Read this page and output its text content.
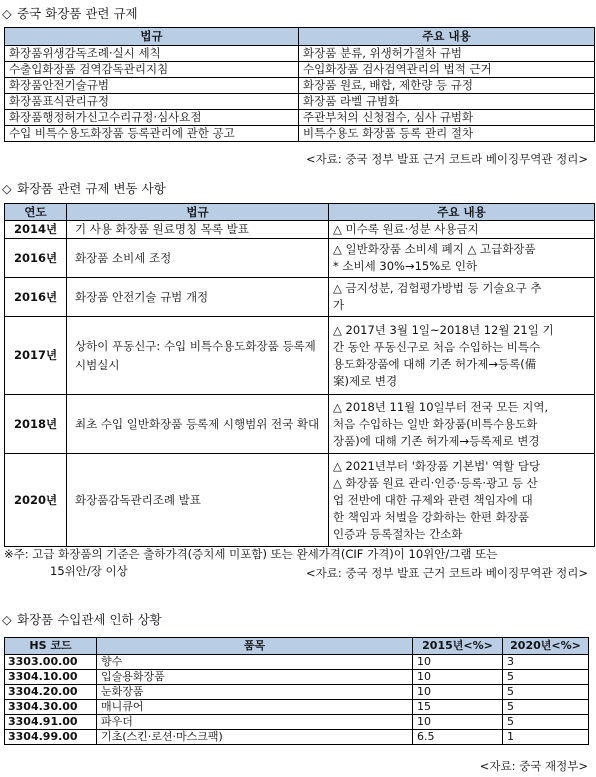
◇ 중국 화장품 관련 규제
법규	주요 내용
화장품위생감독조례·실시 세칙	화장품 분류, 위생허가절차 규범
수출입화장품 검역감독관리지침	수입화장품 검사검역관리의 법적 근거
화장품안전기술규범	화장품 원료, 배합, 제한량 등 규정
화장품표식관리규정	화장품 라벨 규범화
화장품행정허가신고수리규정·심사요점	주관부처의 신청접수, 심사 규범화
수입 비특수용도화장품 등록관리에 관한 공고	비특수용도 화장품 등록 관리 절차
<자료: 중국 정부 발표 근거 코트라 베이징무역관 정리>
◇ 화장품 관련 규제 변동 사항
연도	법규	주요 내용
2014년	기 사용 화장품 원료명칭 목록 발표	△ 미수록 원료·성분 사용금지

2016년	화장품 소비세 조정	△ 일반화장품 소비세 폐지 △ 고급화장품
* 소비세 30%→15%로 인하

2016년	화장품 안전기술 규범 개정	△ 금지성분, 검험평가방법 등 기술요구 추
가

2017년	상하이 푸동신구: 수입 비특수용도화장품 등록제 시범실시	△ 2017년 3월 1일~2018년 12월 21일 기
간 동안 푸동신구로 처음 수입하는 비특수
용도화장품에 대해 기존 허가제→등록(備
案)제로 변경

2018년	최초 수입 일반화장품 등록제 시행범위 전국 확대	△ 2018년 11월 10일부터 전국 모든 지역,
처음 수입하는 일반 화장품(비특수용도화
장품)에 대해 기존 허가제→등록제로 변경

2020년	화장품감독관리조례 발표	△ 2021년부터 '화장품 기본법' 역할 담당
△ 화장품 원료 관리·인증·등록·광고 등 산
업 전반에 대한 규제와 관련 책임자에 대
한 책임과 처벌을 강화하는 한편 화장품
인증과 등록절차는 간소화
※주: 고급 화장품의 기준은 출하가격(증치세 미포함) 또는 완세가격(CIF 가격)이 10위안/그램 또는
15위안/장 이상	<자료: 중국 정부 발표 근거 코트라 베이징무역관 정리>
◇ 화장품 수입관세 인하 상황
HS 코드	품목	2015년<%>	2020년<%>
3303.00.00	향수	10	3
3304.10.00	입술용화장품	10	5
3304.20.00	눈화장품	10	5
3304.30.00	매니큐어	15	5
3304.91.00	파우더	10	5
3304.99.00	기초(스킨·로션·마스크팩)	6.5	1
<자료: 중국 재정부>
